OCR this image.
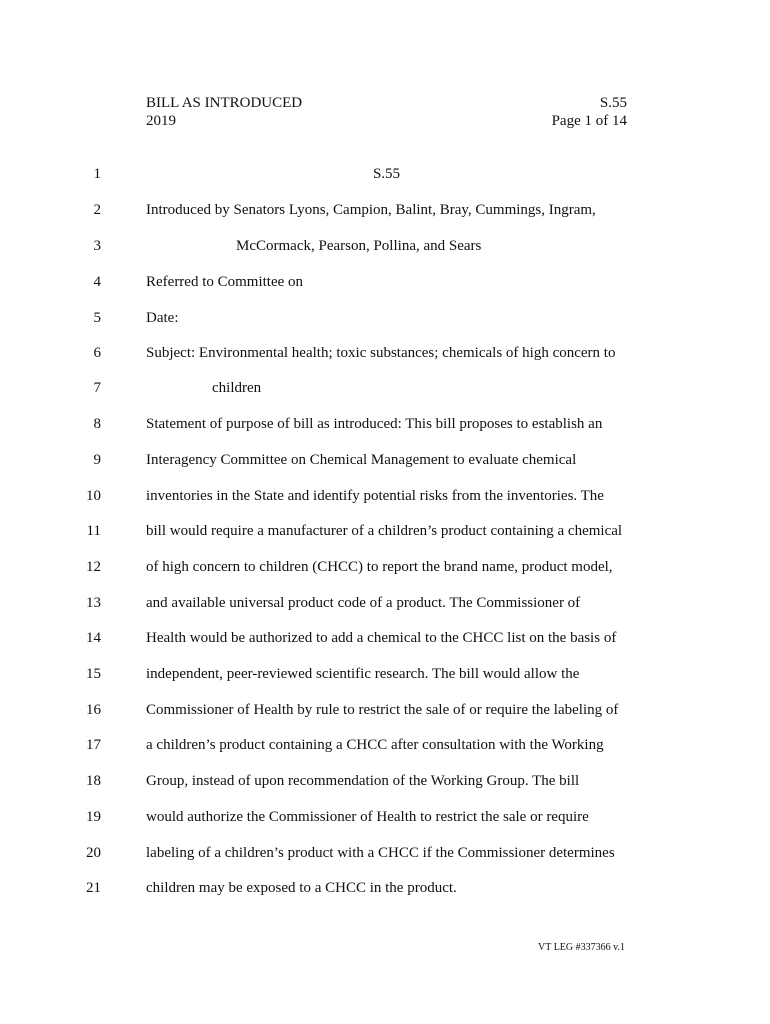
BILL AS INTRODUCED	S.55
2019	Page 1 of 14
1	S.55
2	Introduced by Senators Lyons, Campion, Balint, Bray, Cummings, Ingram,
3	McCormack, Pearson, Pollina, and Sears
4	Referred to Committee on
5	Date:
6	Subject: Environmental health; toxic substances; chemicals of high concern to
7	children
8	Statement of purpose of bill as introduced: This bill proposes to establish an
9	Interagency Committee on Chemical Management to evaluate chemical
10	inventories in the State and identify potential risks from the inventories. The
11	bill would require a manufacturer of a children’s product containing a chemical
12	of high concern to children (CHCC) to report the brand name, product model,
13	and available universal product code of a product. The Commissioner of
14	Health would be authorized to add a chemical to the CHCC list on the basis of
15	independent, peer-reviewed scientific research. The bill would allow the
16	Commissioner of Health by rule to restrict the sale of or require the labeling of
17	a children’s product containing a CHCC after consultation with the Working
18	Group, instead of upon recommendation of the Working Group. The bill
19	would authorize the Commissioner of Health to restrict the sale or require
20	labeling of a children’s product with a CHCC if the Commissioner determines
21	children may be exposed to a CHCC in the product.
VT LEG #337366 v.1
